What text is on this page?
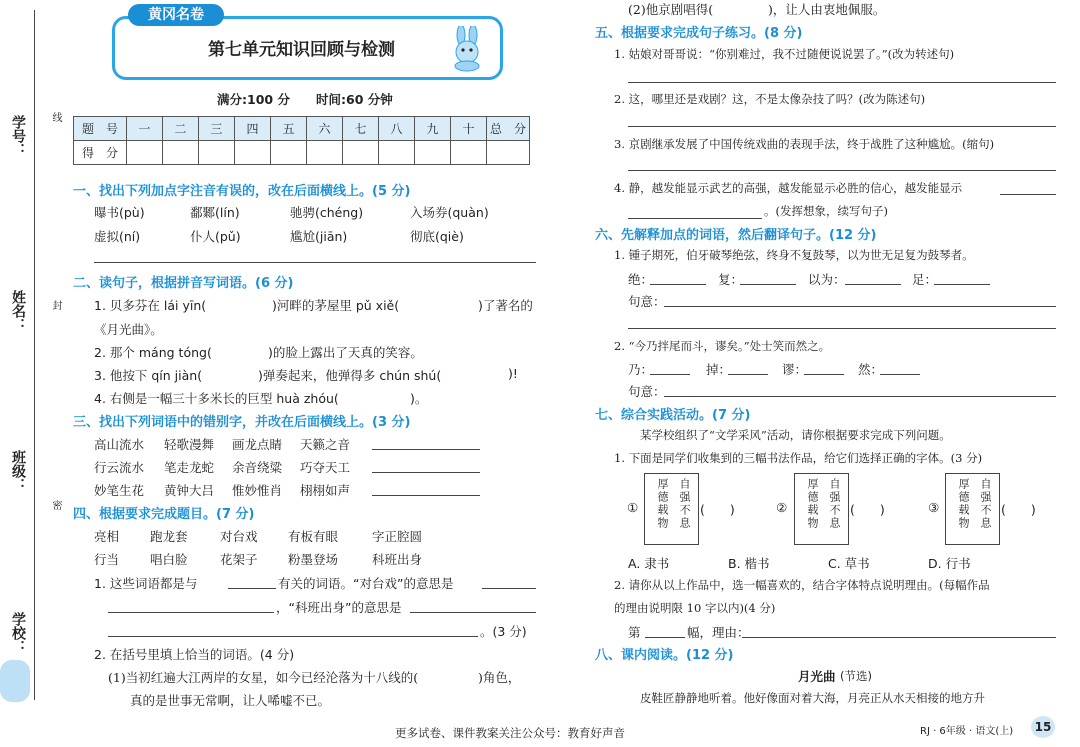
学号： 线
姓名： 封
班级：
密
学校：
黄冈名卷
第七单元知识回顾与检测
满分:100 分 时间:60 分钟
题　号	一	二	三	四	五	六	七	八	九	十	总　分
得　分											
一、找出下列加点字注音有误的，改在后面横线上。(5 分)
曝书(pù)	鄱鄹(lín)	驰骋(chéng)	入场券(quàn)
虚拟(ní)	仆人(pǔ)	尴尬(jiān)	彻底(qiè)
二、读句子，根据拼音写词语。(6 分)
1. 贝多芬在 lái yīn(	)河畔的茅屋里 pǔ xiě(	)了著名的
《月光曲》。
2. 那个 máng tóng(	)的脸上露出了天真的笑容。
3. 他按下 qín jiàn(	)弹奏起来，他弹得多 chún shú(	)!
4. 右侧是一幅三十多米长的巨型 huà zhóu(	)。
三、找出下列词语中的错别字，并改在后面横线上。(3 分)
高山流水 轻歌漫舞 画龙点睛 天籁之音
行云流水 笔走龙蛇 余音绕粱 巧夺天工
妙笔生花 黄钟大吕 惟妙惟肖 栩栩如声
四、根据要求完成题目。(7 分)
亮相 跑龙套	对台戏 有板有眼	字正腔圆
行当 唱白脸	花架子 粉墨登场	科班出身
1. 这些词语都是与	有关的词语。“对台戏”的意思是
，“科班出身”的意思是
。(3 分)
2. 在括号里填上恰当的词语。(4 分)
(1)当初红遍大江两岸的女星，如今已经沦落为十八线的(	)角色，
真的是世事无常啊，让人唏嘘不已。
(2)他京剧唱得(	)，让人由衷地佩服。
五、根据要求完成句子练习。(8 分)
1. 姑娘对哥哥说：“你别难过，我不过随便说说罢了。”(改为转述句)
2. 这，哪里还是戏剧？这，不是太像杂技了吗？(改为陈述句)
3. 京剧继承发展了中国传统戏曲的表现手法，终于战胜了这种尴尬。(缩句)
4. 静，越发能显示武艺的高强，越发能显示必胜的信心，越发能显示
。(发挥想象，续写句子)
六、先解释加点的词语，然后翻译句子。(12 分)
1. 锺子期死，伯牙破琴绝弦，终身不复鼓琴，以为世无足复为鼓琴者。
绝：	复：	以为：	足：
句意：
2. “今乃拌尾而斗，谬矣。”处士笑而然之。
乃：	掉：	谬：	然：
句意：
七、综合实践活动。(7 分)
某学校组织了“文学采风”活动，请你根据要求完成下列问题。
1. 下面是同学们收集到的三幅书法作品，给它们选择正确的字体。(3 分)
① 厚德载物 自强不息 (　　)	② 厚德载物 自强不息 (　　)	③ 厚德载物 自强不息 (　　)
A. 隶书	B. 楷书	C. 草书	D. 行书
2. 请你从以上作品中，选一幅喜欢的，结合字体特点说明理由。(每幅作品
的理由说明限 10 字以内)(4 分)
第	幅，理由：
八、课内阅读。(12 分)
月光曲 (节选)
皮鞋匠静静地听着。他好像面对着大海，月亮正从水天相接的地方升
更多试卷、课件教案关注公众号：教育好声音	RJ · 6年级 · 语文(上)	15
